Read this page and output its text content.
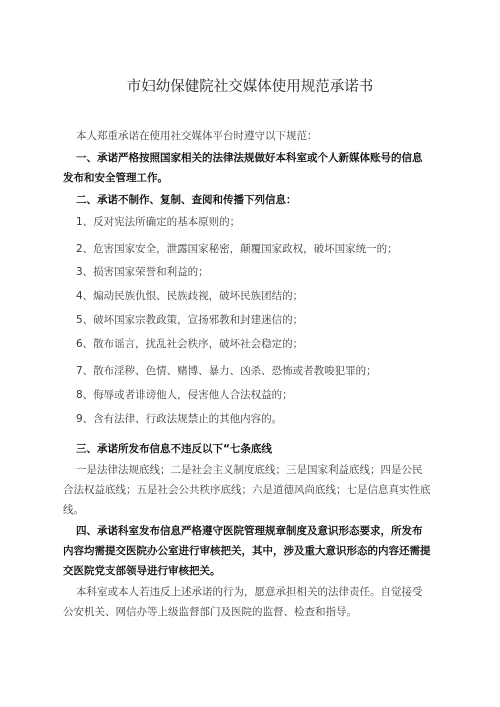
市妇幼保健院社交媒体使用规范承诺书
本人郑重承诺在使用社交媒体平台时遵守以下规范：
一、承诺严格按照国家相关的法律法规做好本科室或个人新媒体账号的信息
发布和安全管理工作。
二、承诺不制作、复制、查阅和传播下列信息：
1、反对宪法所确定的基本原则的；
2、危害国家安全，泄露国家秘密，颠覆国家政权，破坏国家统一的；
3、损害国家荣誉和利益的；
4、煽动民族仇恨、民族歧视，破坏民族团结的；
5、破坏国家宗教政策，宣扬邪教和封建迷信的；
6、散布谣言，扰乱社会秩序，破坏社会稳定的；
7、散布淫秽、色情、赌博、暴力、凶杀、恐怖或者教唆犯罪的；
8、侮辱或者诽谤他人，侵害他人合法权益的；
9、含有法律、行政法规禁止的其他内容的。
三、承诺所发布信息不违反以下“七条底线
一是法律法规底线；二是社会主义制度底线；三是国家利益底线；四是公民
合法权益底线；五是社会公共秩序底线；六是道德风尚底线；七是信息真实性底
线。
四、承诺科室发布信息严格遵守医院管理规章制度及意识形态要求，所发布
内容均需提交医院办公室进行审核把关，其中，涉及重大意识形态的内容还需提
交医院党支部领导进行审核把关。
本科室或本人若违反上述承诺的行为，愿意承担相关的法律责任。自觉接受
公安机关、网信办等上级监督部门及医院的监督、检查和指导。
